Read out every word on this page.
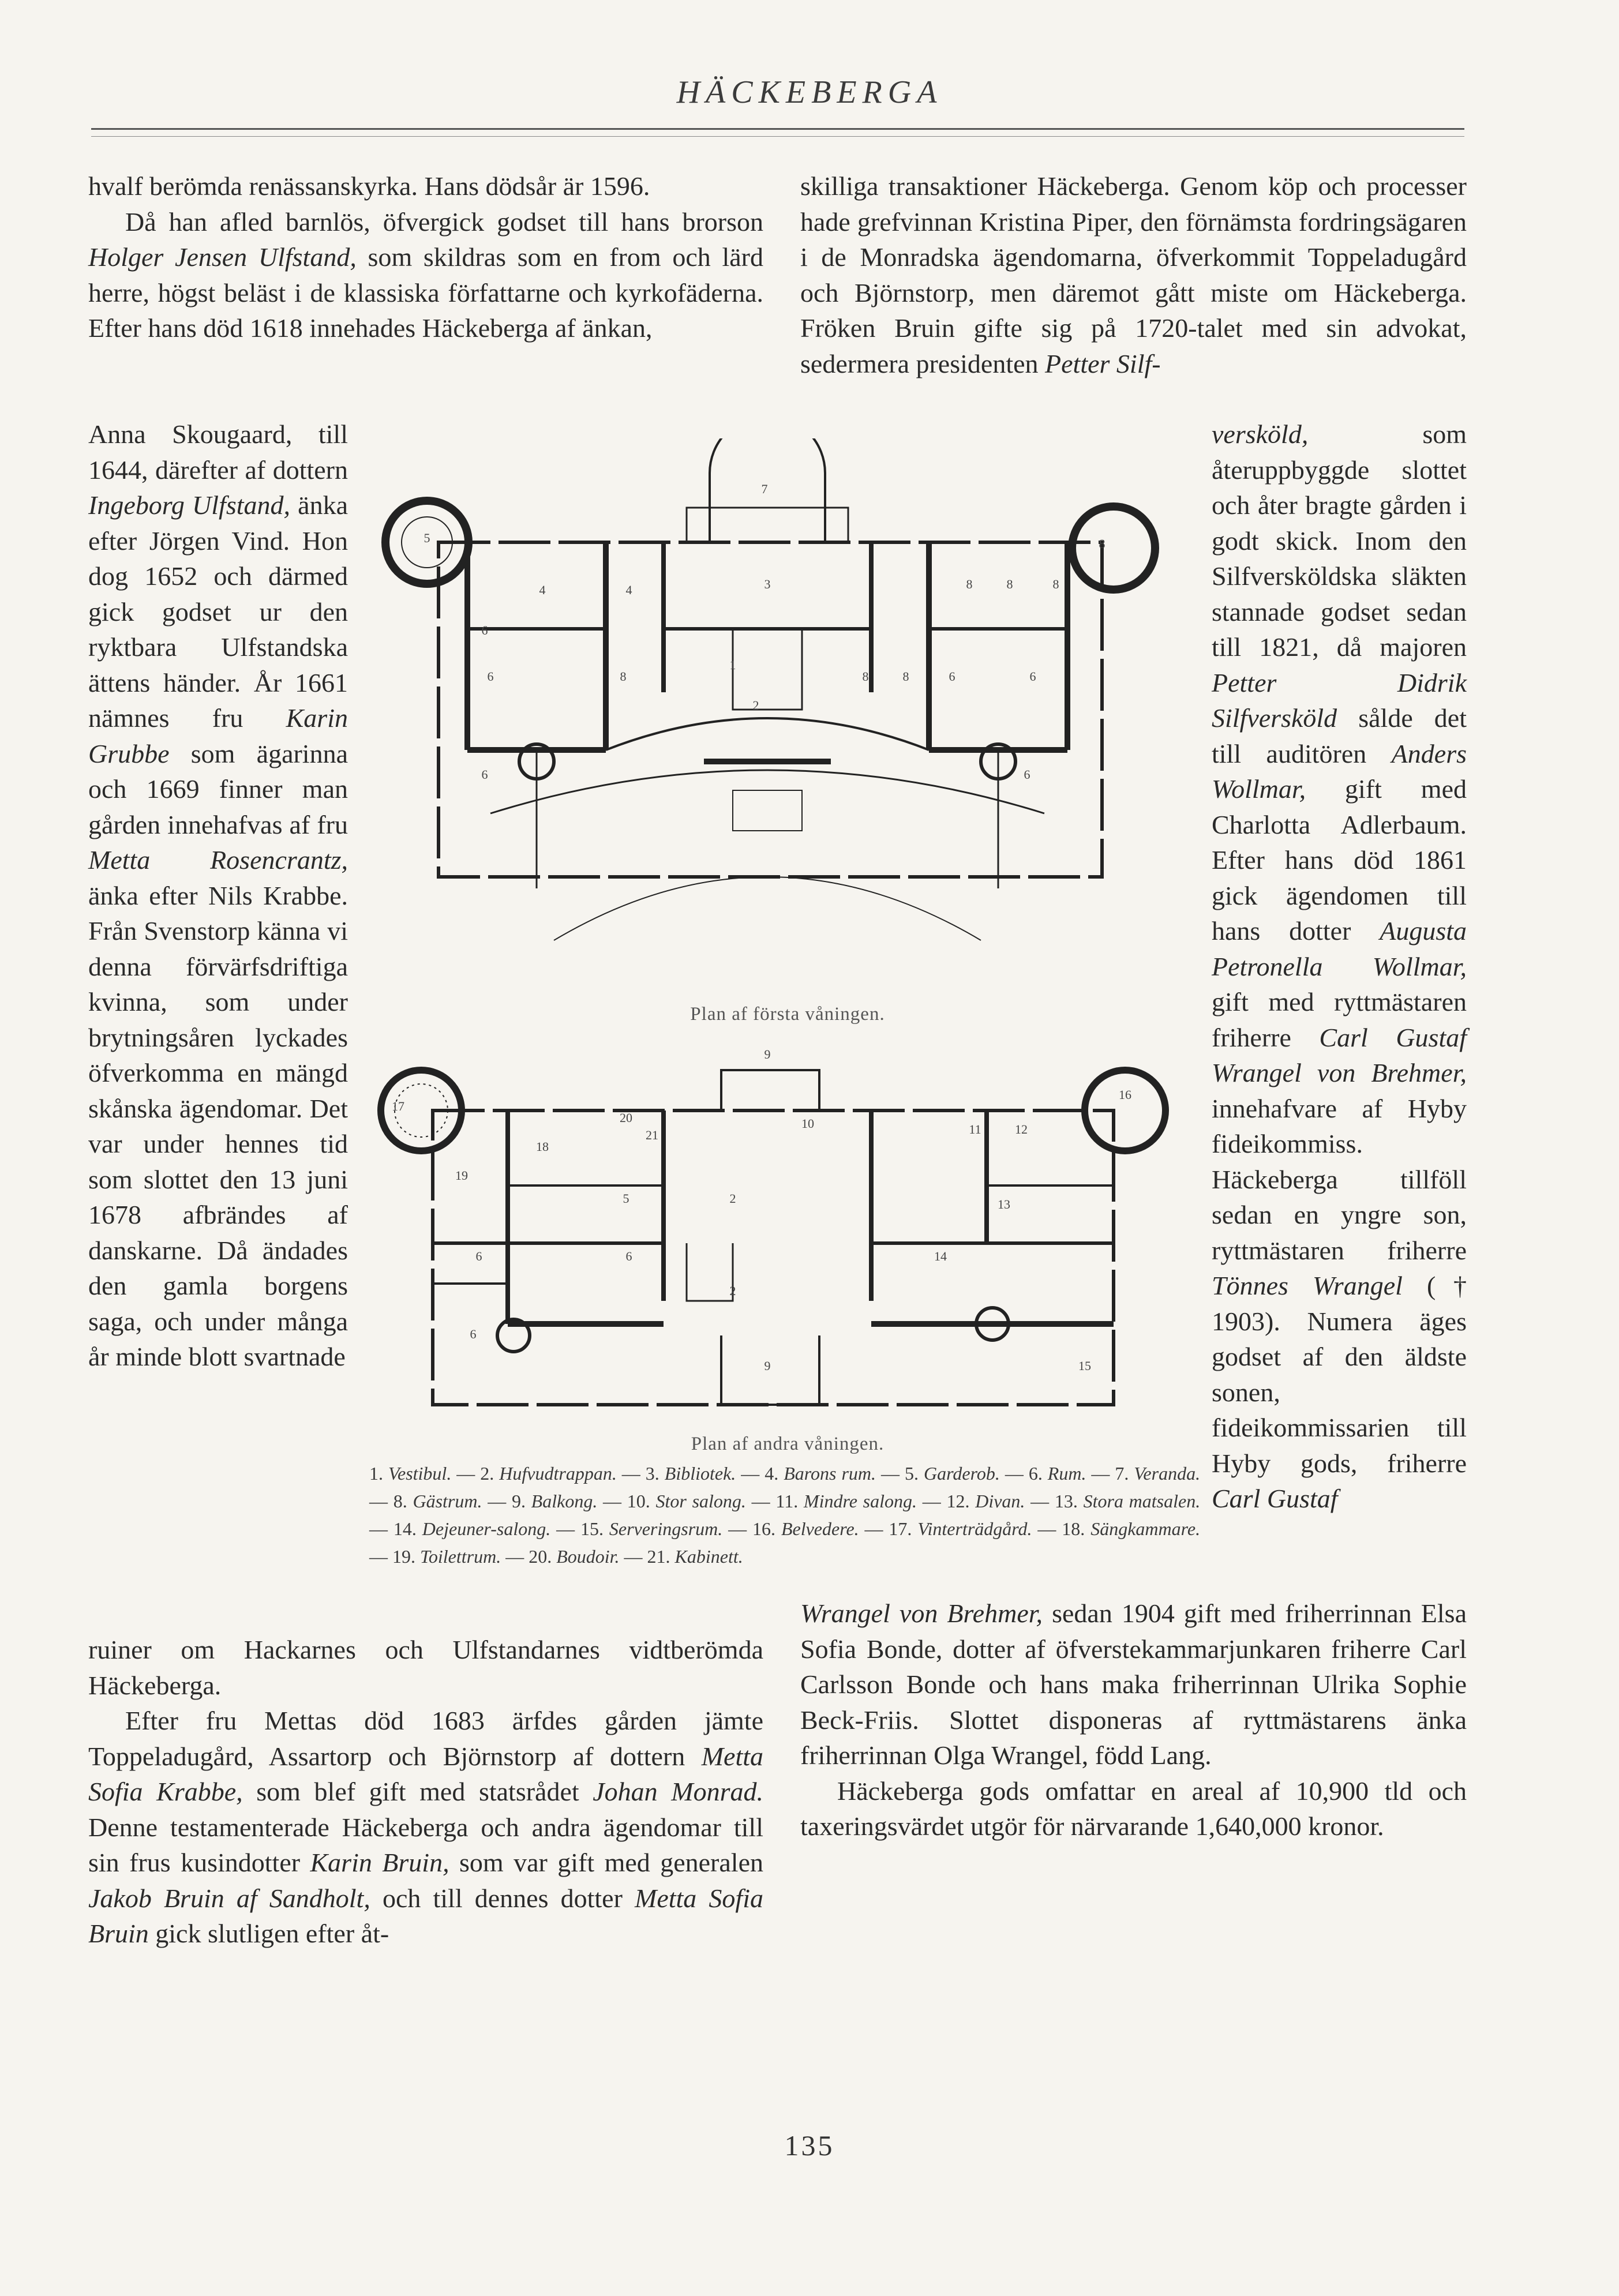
HÄCKEBERGA

hvalf berömda renässanskyrka. Hans dödsår är 1596.

Då han afled barnlös, öfvergick godset till hans brorson Holger Jensen Ulfstand, som skildras som en from och lärd herre, högst beläst i de klassiska författarne och kyrkofäderna. Efter hans död 1618 innehades Häckeberga af änkan,

Anna Skougaard, till 1644, därefter af dottern Ingeborg Ulfstand, änka efter Jörgen Vind. Hon dog 1652 och därmed gick godset ur den ryktbara Ulfstandska ättens händer. År 1661 nämnes fru Karin Grubbe som ägarinna och 1669 finner man gården innehafvas af fru Metta Rosencrantz, änka efter Nils Krabbe. Från Svenstorp känna vi denna förvärfsdriftiga kvinna, som under brytningsåren lyckades öfverkomma en mängd skånska ägendomar. Det var under hennes tid som slottet den 13 juni 1678 afbrändes af danskarne. Då ändades den gamla borgens saga, och under många år minde blott svartnade

ruiner om Hackarnes och Ulfstandarnes vidtberömda Häckeberga.

Efter fru Mettas död 1683 ärfdes gården jämte Toppeladugård, Assartorp och Björnstorp af dottern Metta Sofia Krabbe, som blef gift med statsrådet Johan Monrad. Denne testamenterade Häckeberga och andra ägendomar till sin frus kusindotter Karin Bruin, som var gift med generalen Jakob Bruin af Sandholt, och till dennes dotter Metta Sofia Bruin gick slutligen efter åt-

skilliga transaktioner Häckeberga. Genom köp och processer hade grefvinnan Kristina Piper, den förnämsta fordringsägaren i de Monradska ägendomarna, öfverkommit Toppeladugård och Björnstorp, men däremot gått miste om Häckeberga. Fröken Bruin gifte sig på 1720-talet med sin advokat, sedermera presidenten Petter Silf-

versköld, som återuppbyggde slottet och åter bragte gården i godt skick. Inom den Silfversköldska släkten stannade godset sedan till 1821, då majoren Petter Didrik Silfversköld sålde det till auditören Anders Wollmar, gift med Charlotta Adlerbaum. Efter hans död 1861 gick ägendomen till hans dotter Augusta Petronella Wollmar, gift med ryttmästaren friherre Carl Gustaf Wrangel von Brehmer, innehafvare af Hyby fideikommiss. Häckeberga tillföll sedan en yngre son, ryttmästaren friherre Tönnes Wrangel († 1903). Numera äges godset af den äldste sonen, fideikommissarien till Hyby gods, friherre Carl Gustaf

Wrangel von Brehmer, sedan 1904 gift med friherrinnan Elsa Sofia Bonde, dotter af öfverstekammarjunkaren friherre Carl Carlsson Bonde och hans maka friherrinnan Ulrika Sophie Beck-Friis. Slottet disponeras af ryttmästarens änka friherrinnan Olga Wrangel, född Lang.

Häckeberga gods omfattar en areal af 10,900 tld och taxeringsvärdet utgör för närvarande 1,640,000 kronor.

7
5
3
4	4
8
8	8	8
6
6	8
1
8	8	6	6
2
6	6
Plan af första våningen.
9
16
17
20
21
10	11	12
18
19
5	2	13
6	6	14
2
6
9	15
Plan af andra våningen.
1. Vestibul. — 2. Hufvudtrappan. — 3. Bibliotek. — 4. Barons rum. — 5. Garderob. — 6. Rum. — 7. Veranda. — 8. Gästrum. — 9. Balkong. — 10. Stor salong. — 11. Mindre salong. — 12. Divan. — 13. Stora matsalen. — 14. Dejeuner-salong. — 15. Serveringsrum. — 16. Belvedere. — 17. Vinterträdgård. — 18. Sängkammare. — 19. Toilettrum. — 20. Boudoir. — 21. Kabinett.
135
